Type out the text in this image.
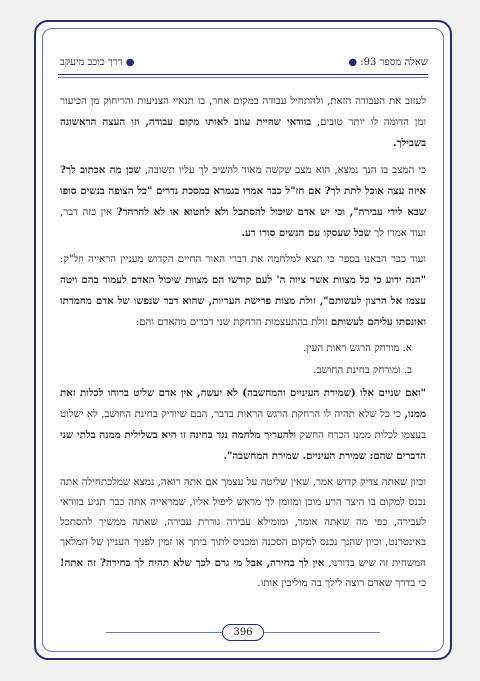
● דרך כוכב מיעקב	שאלה מספר 93: ●

לעזוב את העבודה הזאת, ולהתחיל עבודה במקום אחר, בו תנאיי הצניעות והריחוק מן הכיעור ומן הדומה לו יותר טובים, בוודאי שהיית עוזב לאותו מקום עבודה, וזו העצה הראשונה בשבילך.

כי המצב בו הנך נמצא, הוא מצב שקשה מאוד להשיב לך עליו תשובה, שכן מה אכתוב לך? איזה עצה אוכל לתת לך? אם חז"ל כבר אמרו בגמרא במסכת נדרים "כל הצופה בנשים סופו שבא לידי עבירה", וכי יש אדם שיכול להסתכל ולא לחטוא או לא להרהר? אין כזה דבר, ועוד אמרו לך שכל שעסקו עם הנשים סורו רע.

ועוד כבר הבאנו בספר כי תצא למלחמה את דברי האור החיים הקדוש מעניין הראייה וזל"ק: "הנה ידוע כי כל מצוות אשר ציוה ה' לעם קודשו הם מצוות שיכול האדם לעמוד בהם ויטה עצמו אל הרצון לעשותם", זולת מצות פרישת העריות, שהוא דבר שנפשו של אדם מחמדתו ואונסתו עליהם לעשותם זולת בהתעצמות הרחקת שני דברים מהאדם והם:

א. מורחק הרגש ראות העין.

ב. ומורחק בחינת החושב.

"ואם שניים אלו (שמירת העיניים והמחשבה) לא יעשה, אין אדם שליט ברוחו לכלות זאת ממנו, כי כל שלא תהיה לו הרחקת הרגש הראות בדבר, הבם שיודיק בחינת החושב, לא ישלוט בעצמו לכלות ממנו הכרח החשק ולהעריך מלחמה נגד בחינה זו היא בשלילית ממנה בלתי שני הדברים שהם: שמירת העיניים. שמירת המחשבה".

וכיון שאתה צדיק קדוש אמר, שאין שליטה על עצמך אם אתה רואה, נמצא שמלכתחילה אתה נכנס למקום בו היצר הרע מוכן ומזומן לך מראש ליפול אליו, שמראייה אתה כבר תגיע בוודאי לעבירה, כפי מה שאתה אומר, ומומילא עבירה גוררת עבירה, שאתה ממשיך להסתכל באינטרנט, וכיון שהנך נכנס למקום הסכנה ומכניס לתוך ביתך או זמין לפניך העניין של המלאך המשחית זה שיש בדורנו, אין לך בחירה, אבל מי גרם לכך שלא תהיה לך בחירה? זה אתה! כי בדרך שאדם רוצה לילך בה מוליכין אותו.

396
